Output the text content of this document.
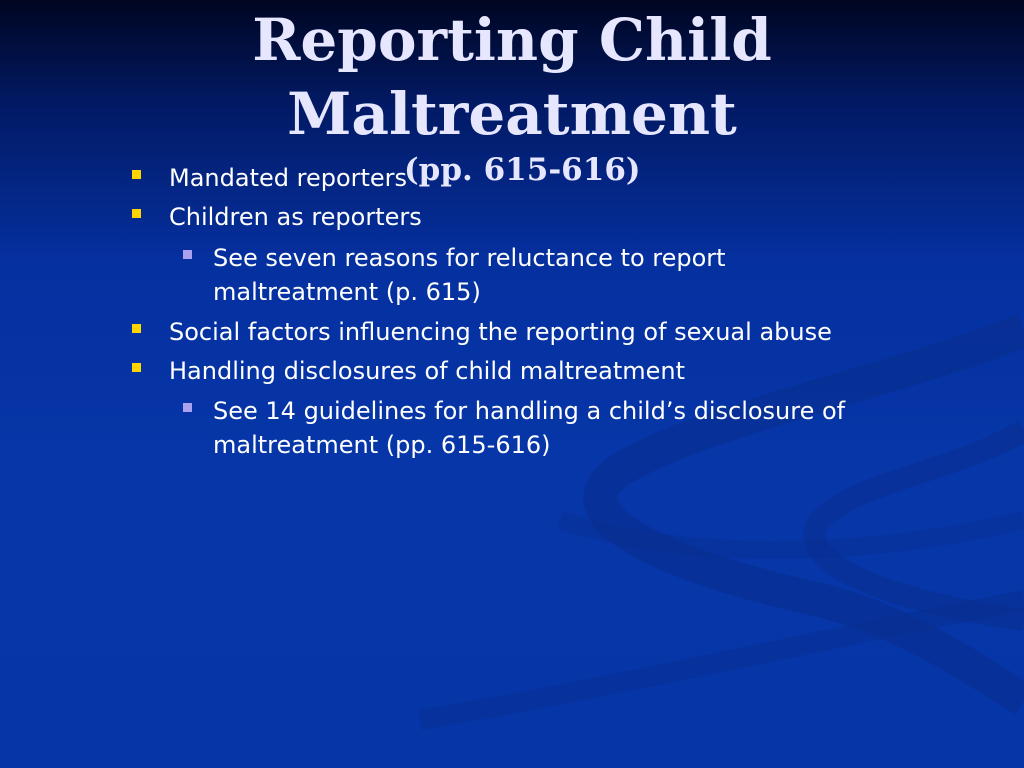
Reporting Child
Maltreatment
(pp. 615-616)
Mandated reporters
Children as reporters
See seven reasons for reluctance to report
maltreatment (p. 615)
Social factors influencing the reporting of sexual abuse
Handling disclosures of child maltreatment
See 14 guidelines for handling a child’s disclosure of
maltreatment (pp. 615-616)
